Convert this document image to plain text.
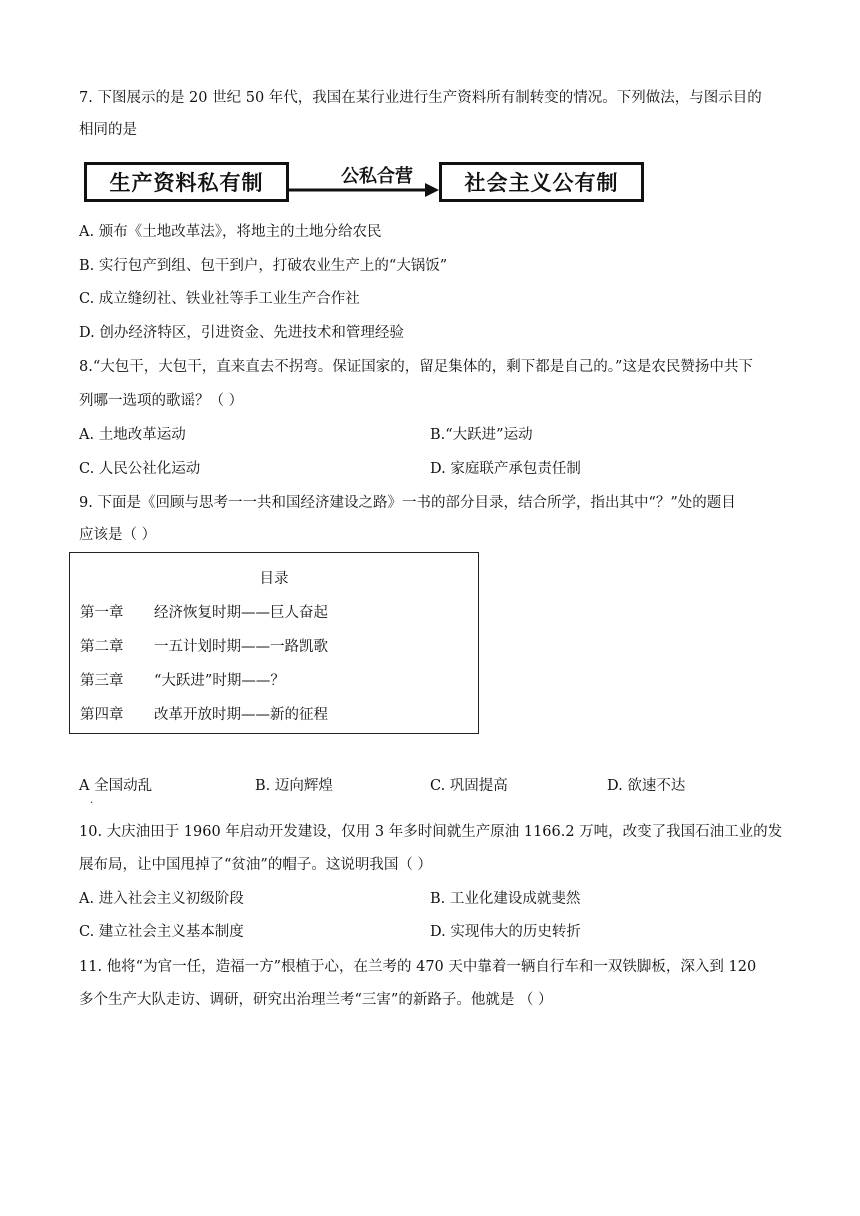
7. 下图展示的是 20 世纪 50 年代，我国在某行业进行生产资料所有制转变的情况。下列做法，与图示目的
相同的是
生产资料私有制	公私合营	社会主义公有制
A. 颁布《土地改革法》，将地主的土地分给农民
B. 实行包产到组、包干到户，打破农业生产上的“大锅饭”
C. 成立缝纫社、铁业社等手工业生产合作社
D. 创办经济特区，引进资金、先进技术和管理经验
8.“大包干，大包干，直来直去不拐弯。保证国家的，留足集体的，剩下都是自己的。”这是农民赞扬中共下
列哪一选项的歌谣？（ ）
A. 土地改革运动	B.“大跃进”运动
C. 人民公社化运动	D. 家庭联产承包责任制
9. 下面是《回顾与思考一一共和国经济建设之路》一书的部分目录，结合所学，指出其中“？”处的题目
应该是（ ）
目录
第一章 经济恢复时期——巨人奋起
第二章 一五计划时期——一路凯歌
第三章 “大跃进”时期——？
第四章 改革开放时期——新的征程
A 全国动乱
.
B. 迈向辉煌	C. 巩固提高	D. 欲速不达
10. 大庆油田于 1960 年启动开发建设，仅用 3 年多时间就生产原油 1166.2 万吨，改变了我国石油工业的发
展布局，让中国甩掉了“贫油”的帽子。这说明我国（ ）
A. 进入社会主义初级阶段	B. 工业化建设成就斐然
C. 建立社会主义基本制度	D. 实现伟大的历史转折
11. 他将“为官一任，造福一方”根植于心，在兰考的 470 天中靠着一辆自行车和一双铁脚板，深入到 120
多个生产大队走访、调研，研究出治理兰考“三害”的新路子。他就是 （ ）
